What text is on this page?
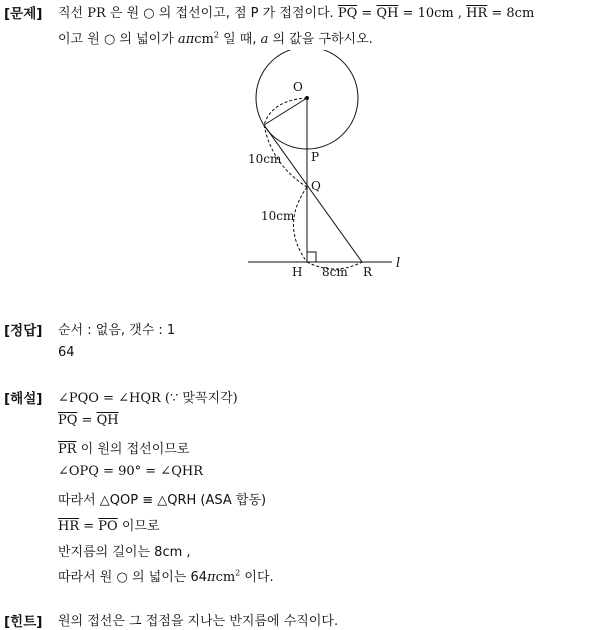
[문제] 직선 PR 은 원 ○ 의 접선이고, 점 P 가 접점이다. $\overline{PQ} = \overline{QH} = 10cm$ , $\overline{HR} = 8cm$
이고 원 ○ 의 넓이가 aπcm$^2$ 일 때, a 의 값을 구하시오.
O
P
Q
H	R
l
10cm
10cm
8cm
[정답] 순서 : 없음, 갯수 : 1
64
[해설] ∠PQO = ∠HQR (∵ 맞꼭지각)
$\overline{PQ} = \overline{QH}$
$\overline{PR}$ 이 원의 접선이므로
∠OPQ = 90° = ∠QHR
따라서 △QOP ≡ △QRH (ASA 합동)
$\overline{HR} = \overline{PO}$ 이므로
반지름의 길이는 8cm ,
따라서 원 ○ 의 넓이는 64πcm$^2$ 이다.
[힌트] 원의 접선은 그 접점을 지나는 반지름에 수직이다.
